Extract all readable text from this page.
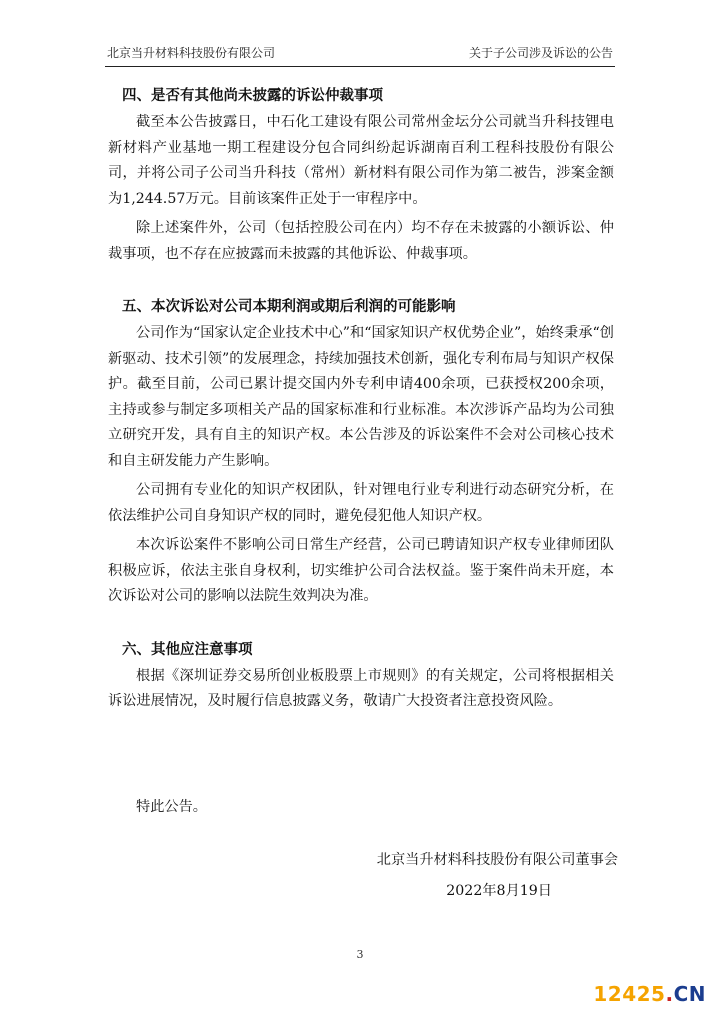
北京当升材料科技股份有限公司	关于子公司涉及诉讼的公告
四、是否有其他尚未披露的诉讼仲裁事项

截至本公告披露日，中石化工建设有限公司常州金坛分公司就当升科技锂电新材料产业基地一期工程建设分包合同纠纷起诉湖南百利工程科技股份有限公司，并将公司子公司当升科技（常州）新材料有限公司作为第二被告，涉案金额为1,244.57万元。目前该案件正处于一审程序中。

除上述案件外，公司（包括控股公司在内）均不存在未披露的小额诉讼、仲裁事项，也不存在应披露而未披露的其他诉讼、仲裁事项。

五、本次诉讼对公司本期利润或期后利润的可能影响

公司作为“国家认定企业技术中心”和“国家知识产权优势企业”，始终秉承“创新驱动、技术引领”的发展理念，持续加强技术创新，强化专利布局与知识产权保护。截至目前，公司已累计提交国内外专利申请400余项，已获授权200余项，主持或参与制定多项相关产品的国家标准和行业标准。本次涉诉产品均为公司独立研究开发，具有自主的知识产权。本公告涉及的诉讼案件不会对公司核心技术和自主研发能力产生影响。

公司拥有专业化的知识产权团队，针对锂电行业专利进行动态研究分析，在依法维护公司自身知识产权的同时，避免侵犯他人知识产权。

本次诉讼案件不影响公司日常生产经营，公司已聘请知识产权专业律师团队积极应诉，依法主张自身权利，切实维护公司合法权益。鉴于案件尚未开庭，本次诉讼对公司的影响以法院生效判决为准。

六、其他应注意事项

根据《深圳证券交易所创业板股票上市规则》的有关规定，公司将根据相关诉讼进展情况，及时履行信息披露义务，敬请广大投资者注意投资风险。

特此公告。
北京当升材料科技股份有限公司董事会
2022年8月19日
3
12425.CN
